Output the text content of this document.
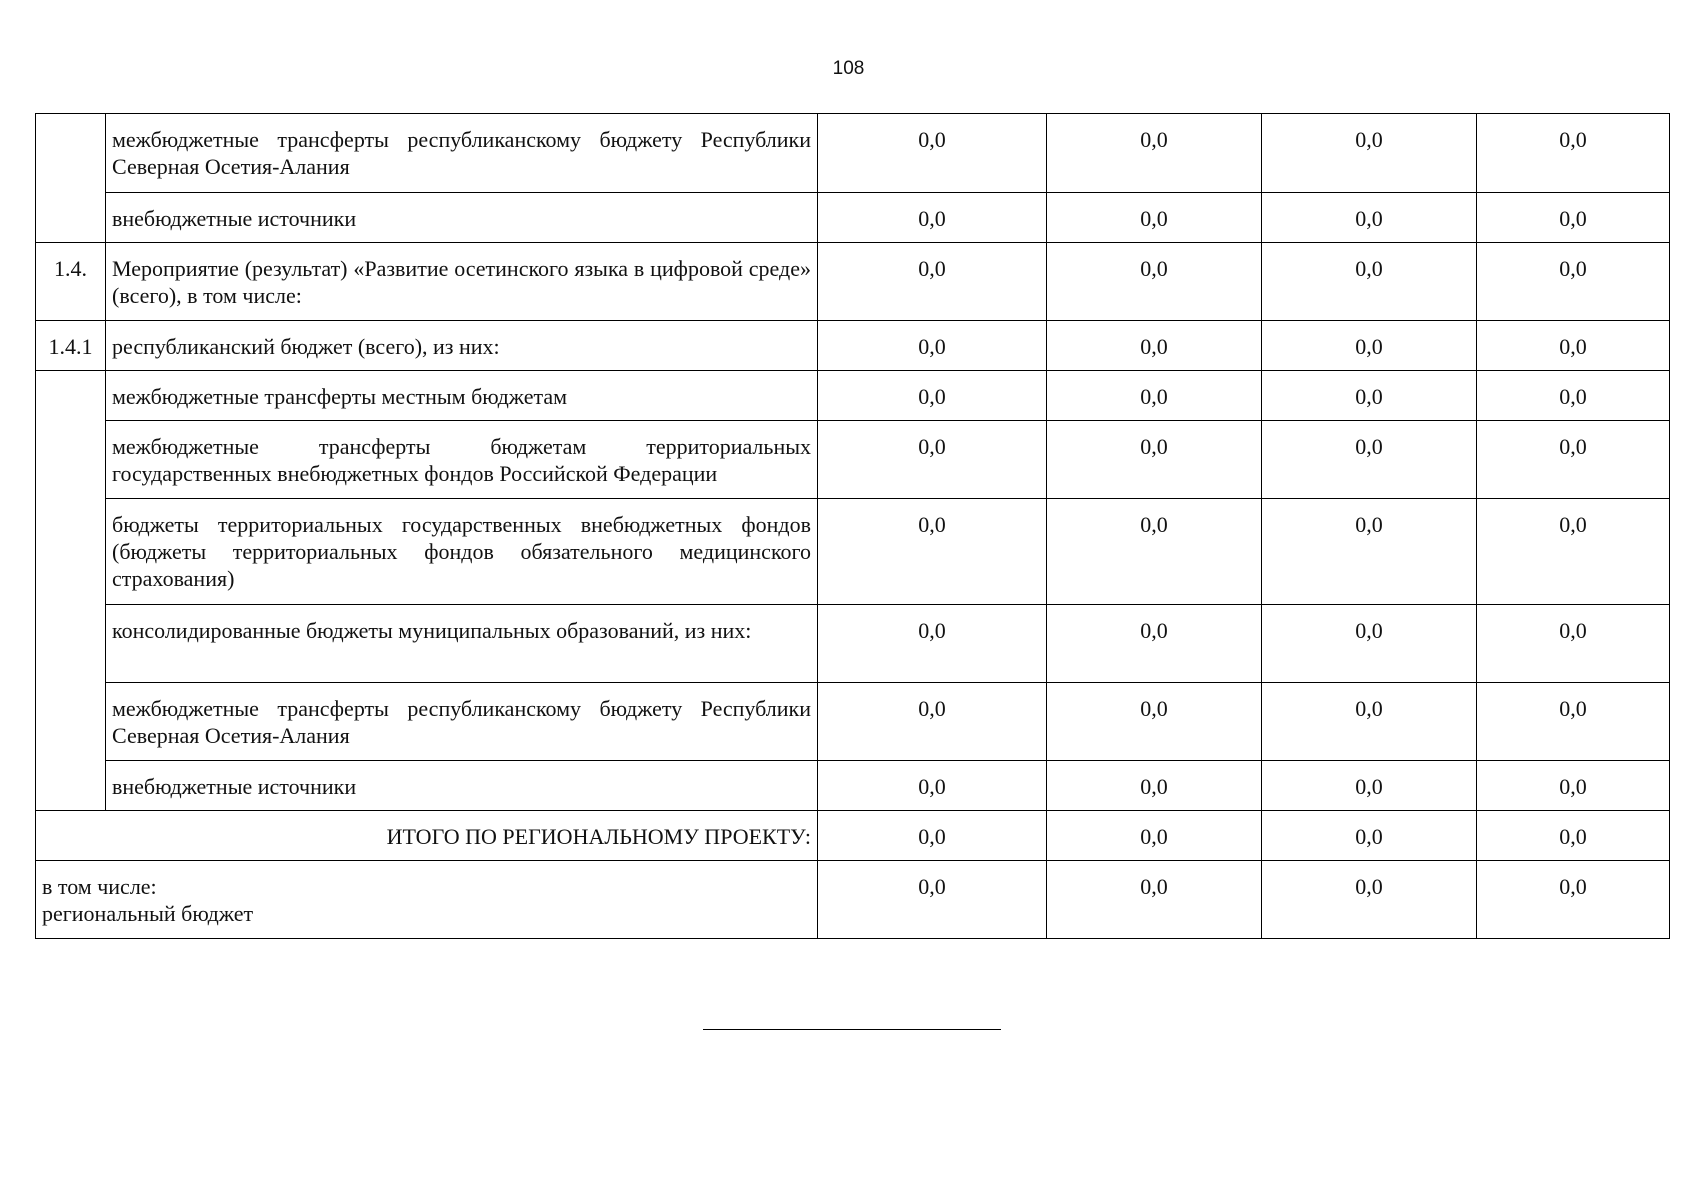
108
	межбюджетные трансферты республиканскому бюджету Республики Северная Осетия-Алания	0,0	0,0	0,0	0,0
	внебюджетные источники	0,0	0,0	0,0	0,0
1.4.	Мероприятие (результат) «Развитие осетинского языка в цифровой среде» (всего), в том числе:	0,0	0,0	0,0	0,0
1.4.1	республиканский бюджет (всего), из них:	0,0	0,0	0,0	0,0
	межбюджетные трансферты местным бюджетам	0,0	0,0	0,0	0,0
	межбюджетные трансферты бюджетам территориальных государственных внебюджетных фондов Российской Федерации	0,0	0,0	0,0	0,0
	бюджеты территориальных государственных внебюджетных фондов (бюджеты территориальных фондов обязательного медицинского страхования)	0,0	0,0	0,0	0,0
	консолидированные бюджеты муниципальных образований, из них:	0,0	0,0	0,0	0,0
	межбюджетные трансферты республиканскому бюджету Республики Северная Осетия-Алания	0,0	0,0	0,0	0,0
	внебюджетные источники	0,0	0,0	0,0	0,0
ИТОГО ПО РЕГИОНАЛЬНОМУ ПРОЕКТУ:		0,0	0,0	0,0	0,0

в том числе:
региональный бюджет		0,0	0,0	0,0	0,0
